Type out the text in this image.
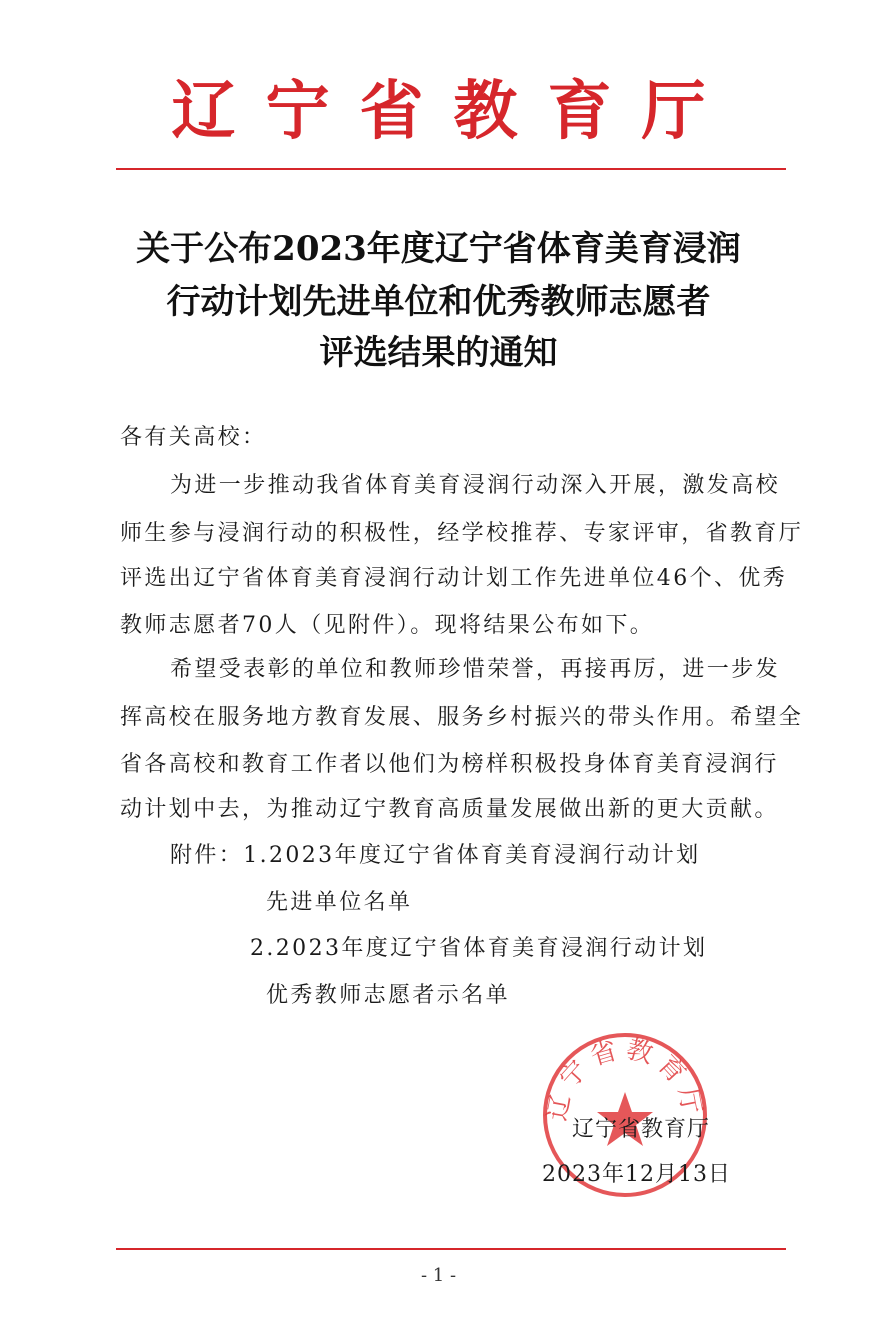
辽宁省教育厅
关于公布2023年度辽宁省体育美育浸润
行动计划先进单位和优秀教师志愿者
评选结果的通知
各有关高校：
为进一步推动我省体育美育浸润行动深入开展，激发高校
师生参与浸润行动的积极性，经学校推荐、专家评审，省教育厅
评选出辽宁省体育美育浸润行动计划工作先进单位46个、优秀
教师志愿者70人（见附件）。现将结果公布如下。
希望受表彰的单位和教师珍惜荣誉，再接再厉，进一步发
挥高校在服务地方教育发展、服务乡村振兴的带头作用。希望全
省各高校和教育工作者以他们为榜样积极投身体育美育浸润行
动计划中去，为推动辽宁教育高质量发展做出新的更大贡献。
附件：1.2023年度辽宁省体育美育浸润行动计划
先进单位名单
2.2023年度辽宁省体育美育浸润行动计划
优秀教师志愿者示名单
辽宁省教育厅
辽宁省教育厅
2023年12月13日
- 1 -
